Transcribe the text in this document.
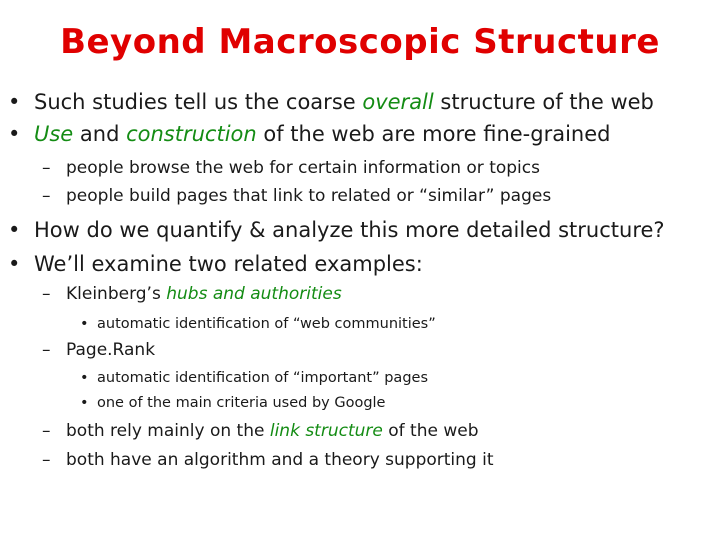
Beyond Macroscopic Structure
• Such studies tell us the coarse overall structure of the web
• Use and construction of the web are more fine-grained
– people browse the web for certain information or topics
– people build pages that link to related or “similar” pages
• How do we quantify & analyze this more detailed structure?
• We’ll examine two related examples:
– Kleinberg’s hubs and authorities
• automatic identification of “web communities”
– Page.Rank
• automatic identification of “important” pages
• one of the main criteria used by Google
– both rely mainly on the link structure of the web
– both have an algorithm and a theory supporting it
